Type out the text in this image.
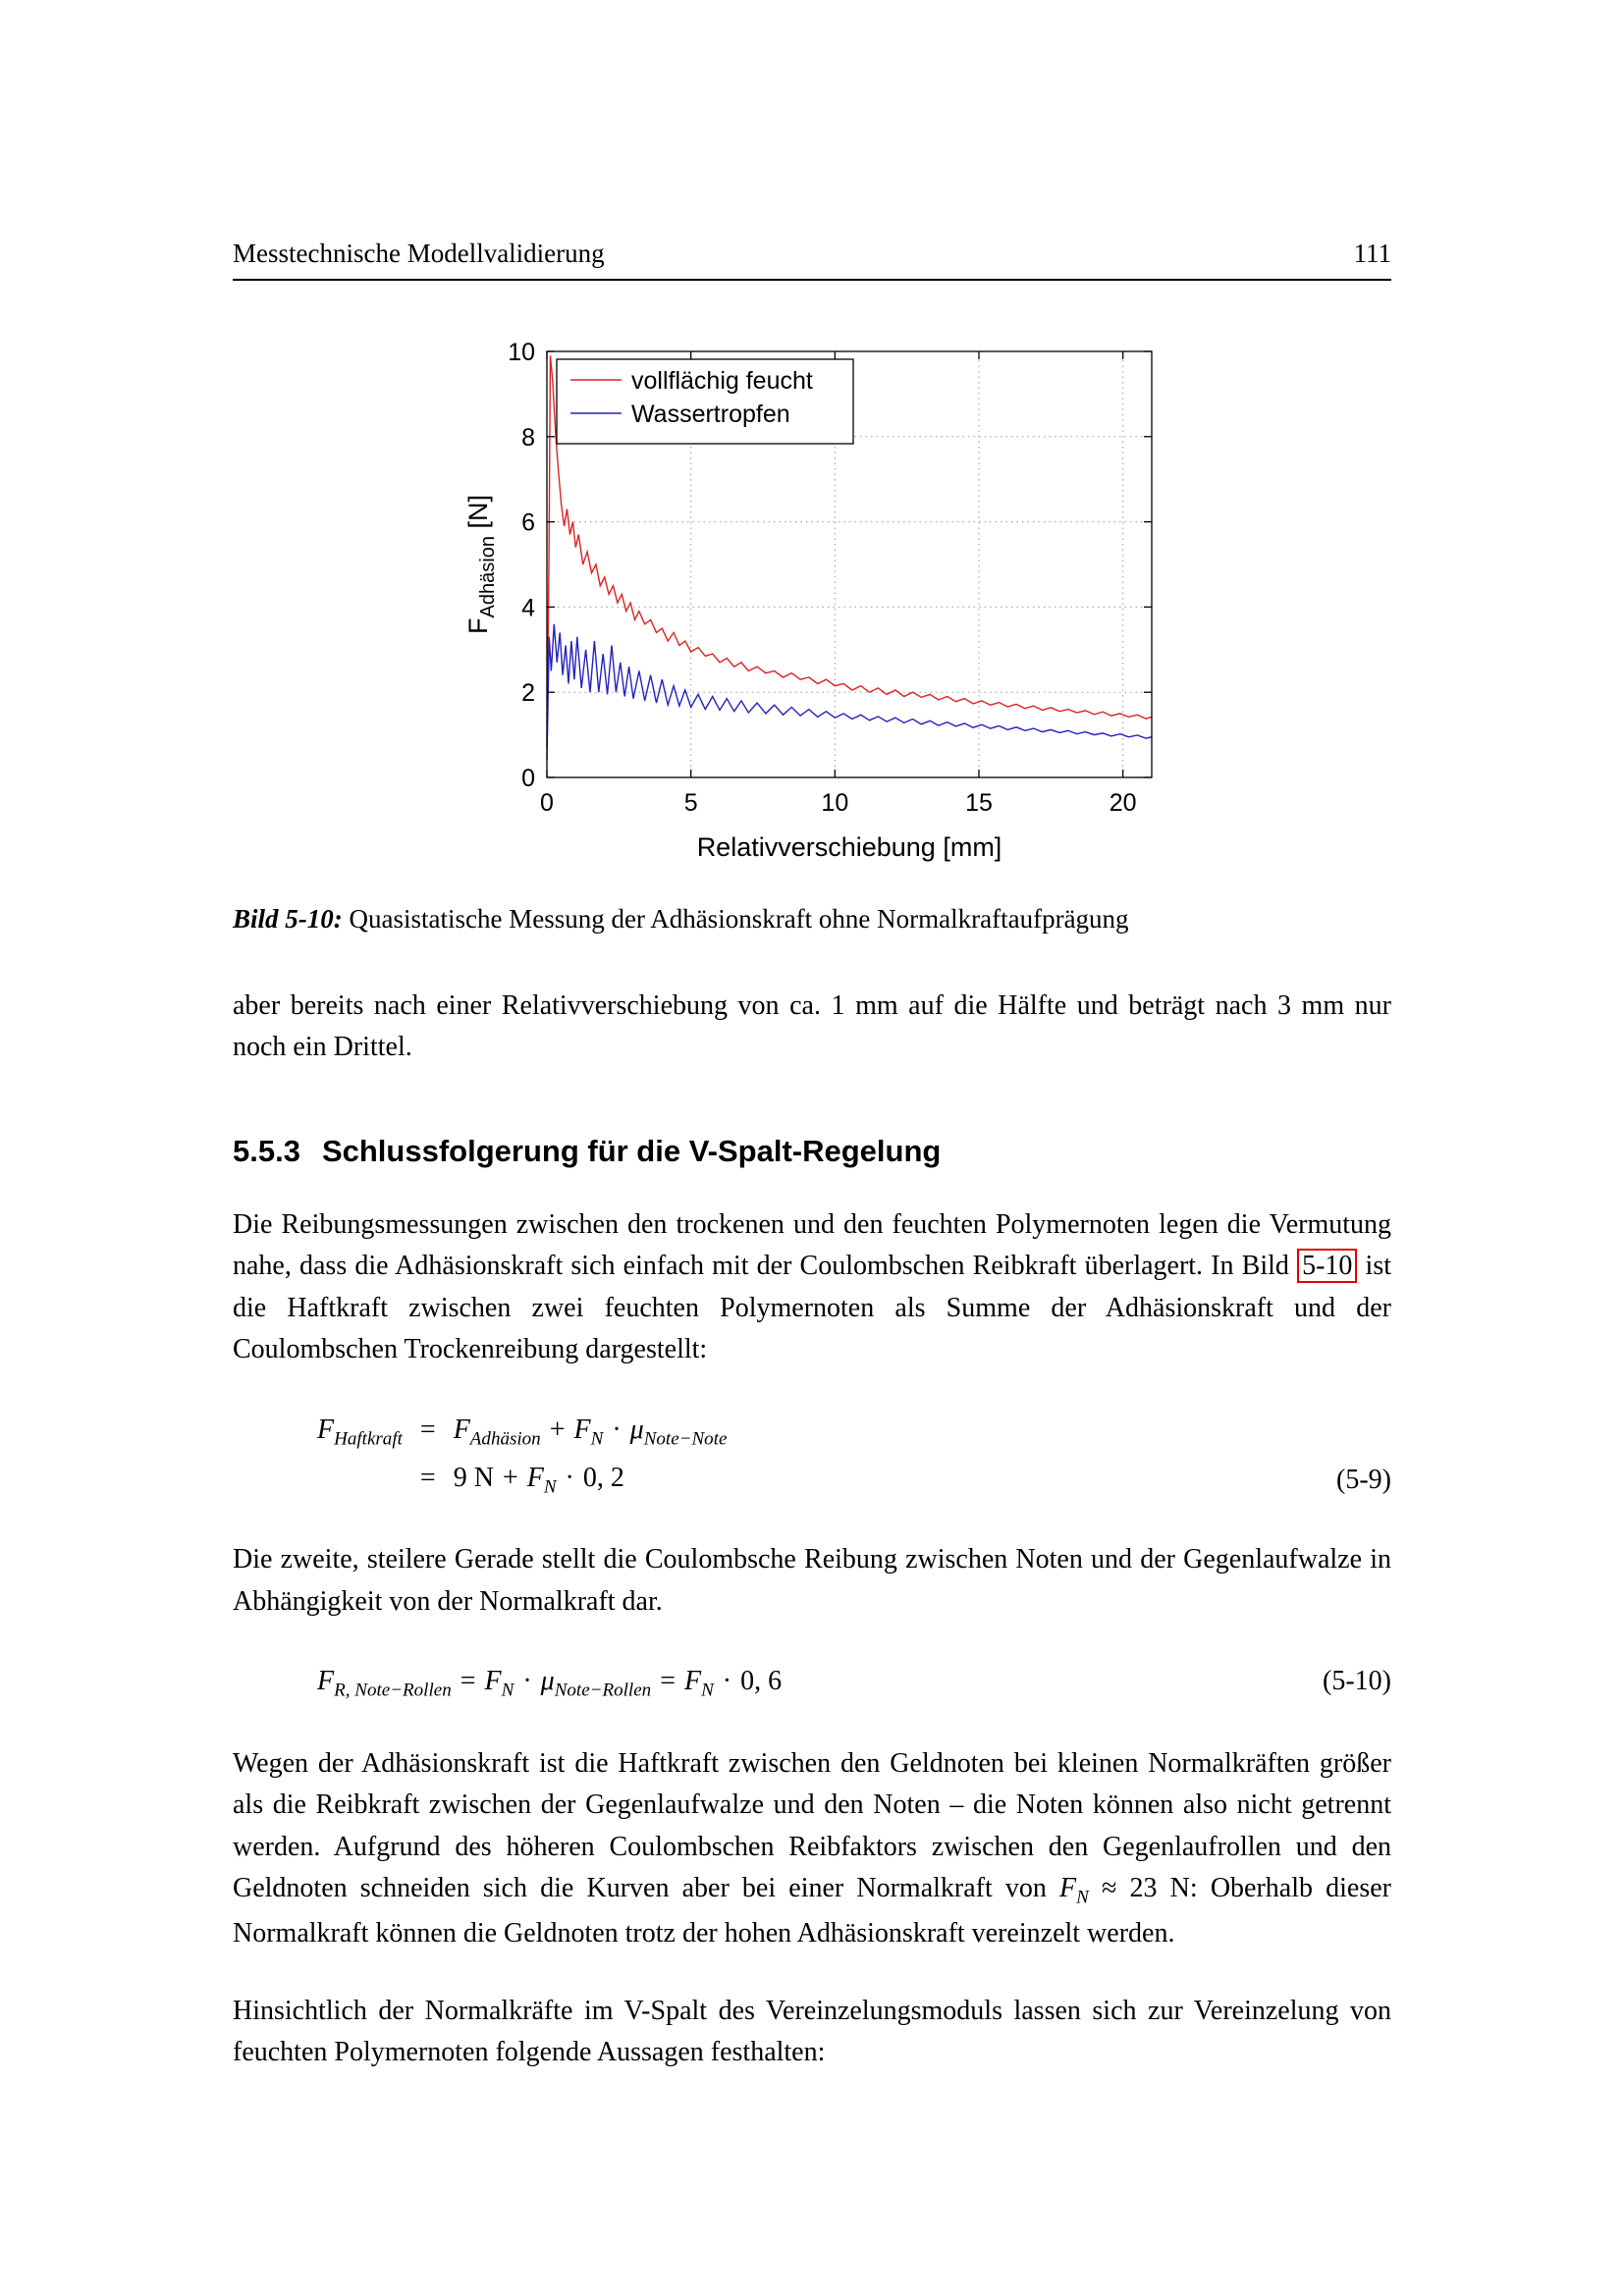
Messtechnische Modellvalidierung	111
0	5	10	15	20
0
2
4
6
8
10
Relativverschiebung [mm]
$F_{Adhäsion}$ [N]
vollflächig feucht
Wassertropfen
Bild 5-10: Quasistatische Messung der Adhäsionskraft ohne Normalkraftaufprägung

aber bereits nach einer Relativverschiebung von ca. 1 mm auf die Hälfte und beträgt nach 3 mm nur noch ein Drittel.

5.5.3 Schlussfolgerung für die V-Spalt-Regelung

Die Reibungsmessungen zwischen den trockenen und den feuchten Polymernoten legen die Vermutung nahe, dass die Adhäsionskraft sich einfach mit der Coulombschen Reibkraft überlagert. In Bild 5-10 ist die Haftkraft zwischen zwei feuchten Polymernoten als Summe der Adhäsionskraft und der Coulombschen Trockenreibung dargestellt:

$F_{Haftkraft}$	=	$F_{Adhäsion} + F_N \cdot \mu_{Note-Note}$
	=	9 $N + F_N \cdot 0$, 2	(5-9)

Die zweite, steilere Gerade stellt die Coulombsche Reibung zwischen Noten und der Gegenlaufwalze in Abhängigkeit von der Normalkraft dar.

$F_{R, Note-Rollen} = F_N \cdot \mu_{Note-Rollen} = F_N \cdot 0$, 6	(5-10)

Wegen der Adhäsionskraft ist die Haftkraft zwischen den Geldnoten bei kleinen Normalkräften größer als die Reibkraft zwischen der Gegenlaufwalze und den Noten – die Noten können also nicht getrennt werden. Aufgrund des höheren Coulombschen Reibfaktors zwischen den Gegenlaufrollen und den Geldnoten schneiden sich die Kurven aber bei einer Normalkraft von $F_N \approx 23$ N: Oberhalb dieser Normalkraft können die Geldnoten trotz der hohen Adhäsionskraft vereinzelt werden.

Hinsichtlich der Normalkräfte im V-Spalt des Vereinzelungsmoduls lassen sich zur Vereinzelung von feuchten Polymernoten folgende Aussagen festhalten:
